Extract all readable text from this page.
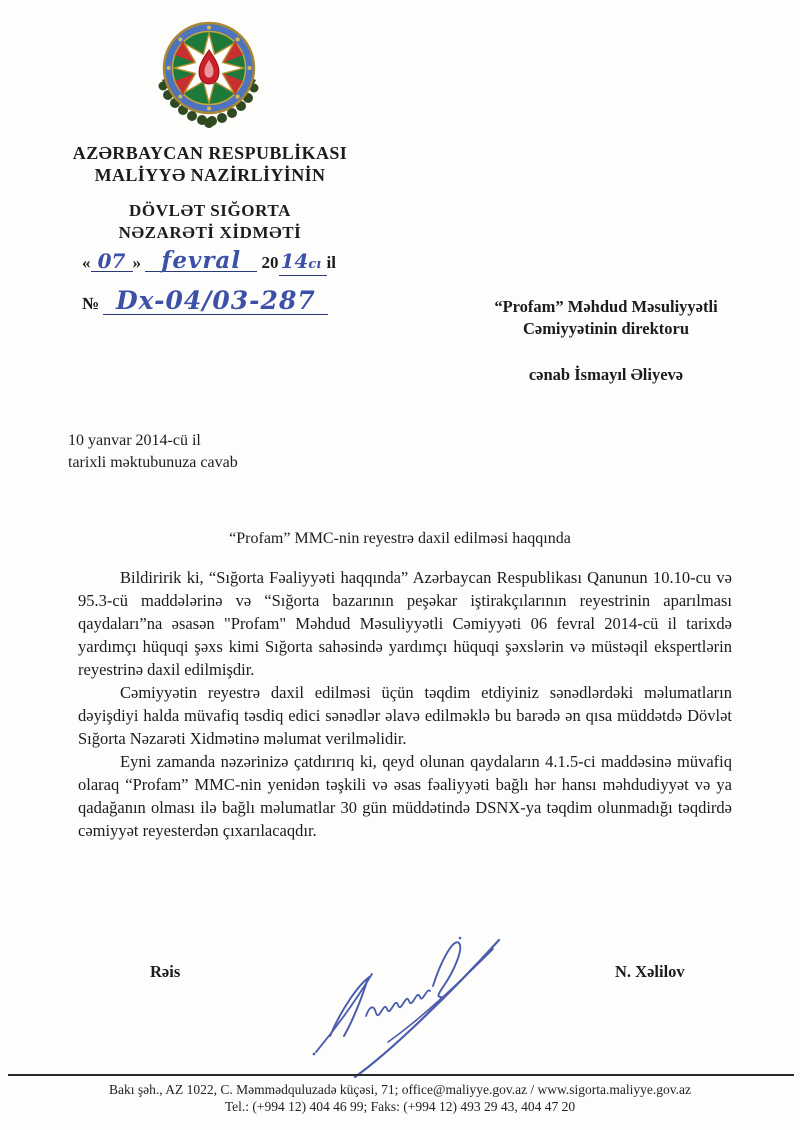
AZƏRBAYCAN RESPUBLİKASI
MALİYYƏ NAZİRLİYİNİN
DÖVLƏT SIĞORTA
NƏZARƏTİ XİDMƏTİ
« 07 » fevral 20 14cı il
№ Dx-04/03-287	“Profam” Məhdud Məsuliyyətli
Cəmiyyətinin direktoru
cənab İsmayıl Əliyevə
10 yanvar 2014-cü il
tarixli məktubunuza cavab
“Profam” MMC-nin reyestrə daxil edilməsi haqqında

Bildiririk ki, “Sığorta Fəaliyyəti haqqında” Azərbaycan Respublikası Qanunun 10.10-cu və 95.3-cü maddələrinə və “Sığorta bazarının peşəkar iştirakçılarının reyestrinin aparılması qaydaları”na əsasən "Profam" Məhdud Məsuliyyətli Cəmiyyəti 06 fevral 2014-cü il tarixdə yardımçı hüquqi şəxs kimi Sığorta sahəsində yardımçı hüquqi şəxslərin və müstəqil ekspertlərin reyestrinə daxil edilmişdir.

Cəmiyyətin reyestrə daxil edilməsi üçün təqdim etdiyiniz sənədlərdəki məlumatların dəyişdiyi halda müvafiq təsdiq edici sənədlər əlavə edilməklə bu barədə ən qısa müddətdə Dövlət Sığorta Nəzarəti Xidmətinə məlumat verilməlidir.

Eyni zamanda nəzərinizə çatdırırıq ki, qeyd olunan qaydaların 4.1.5-ci maddəsinə müvafiq olaraq “Profam” MMC-nin yenidən təşkili və əsas fəaliyyəti bağlı hər hansı məhdudiyyət və ya qadağanın olması ilə bağlı məlumatlar 30 gün müddətində DSNX-ya təqdim olunmadığı təqdirdə cəmiyyət reyesterdən çıxarılacaqdır.

Rəis	N. Xəlilov
Bakı şəh., AZ 1022, C. Məmmədquluzadə küçəsi, 71; office@maliyye.gov.az / www.sigorta.maliyye.gov.az
Tel.: (+994 12) 404 46 99; Faks: (+994 12) 493 29 43, 404 47 20
